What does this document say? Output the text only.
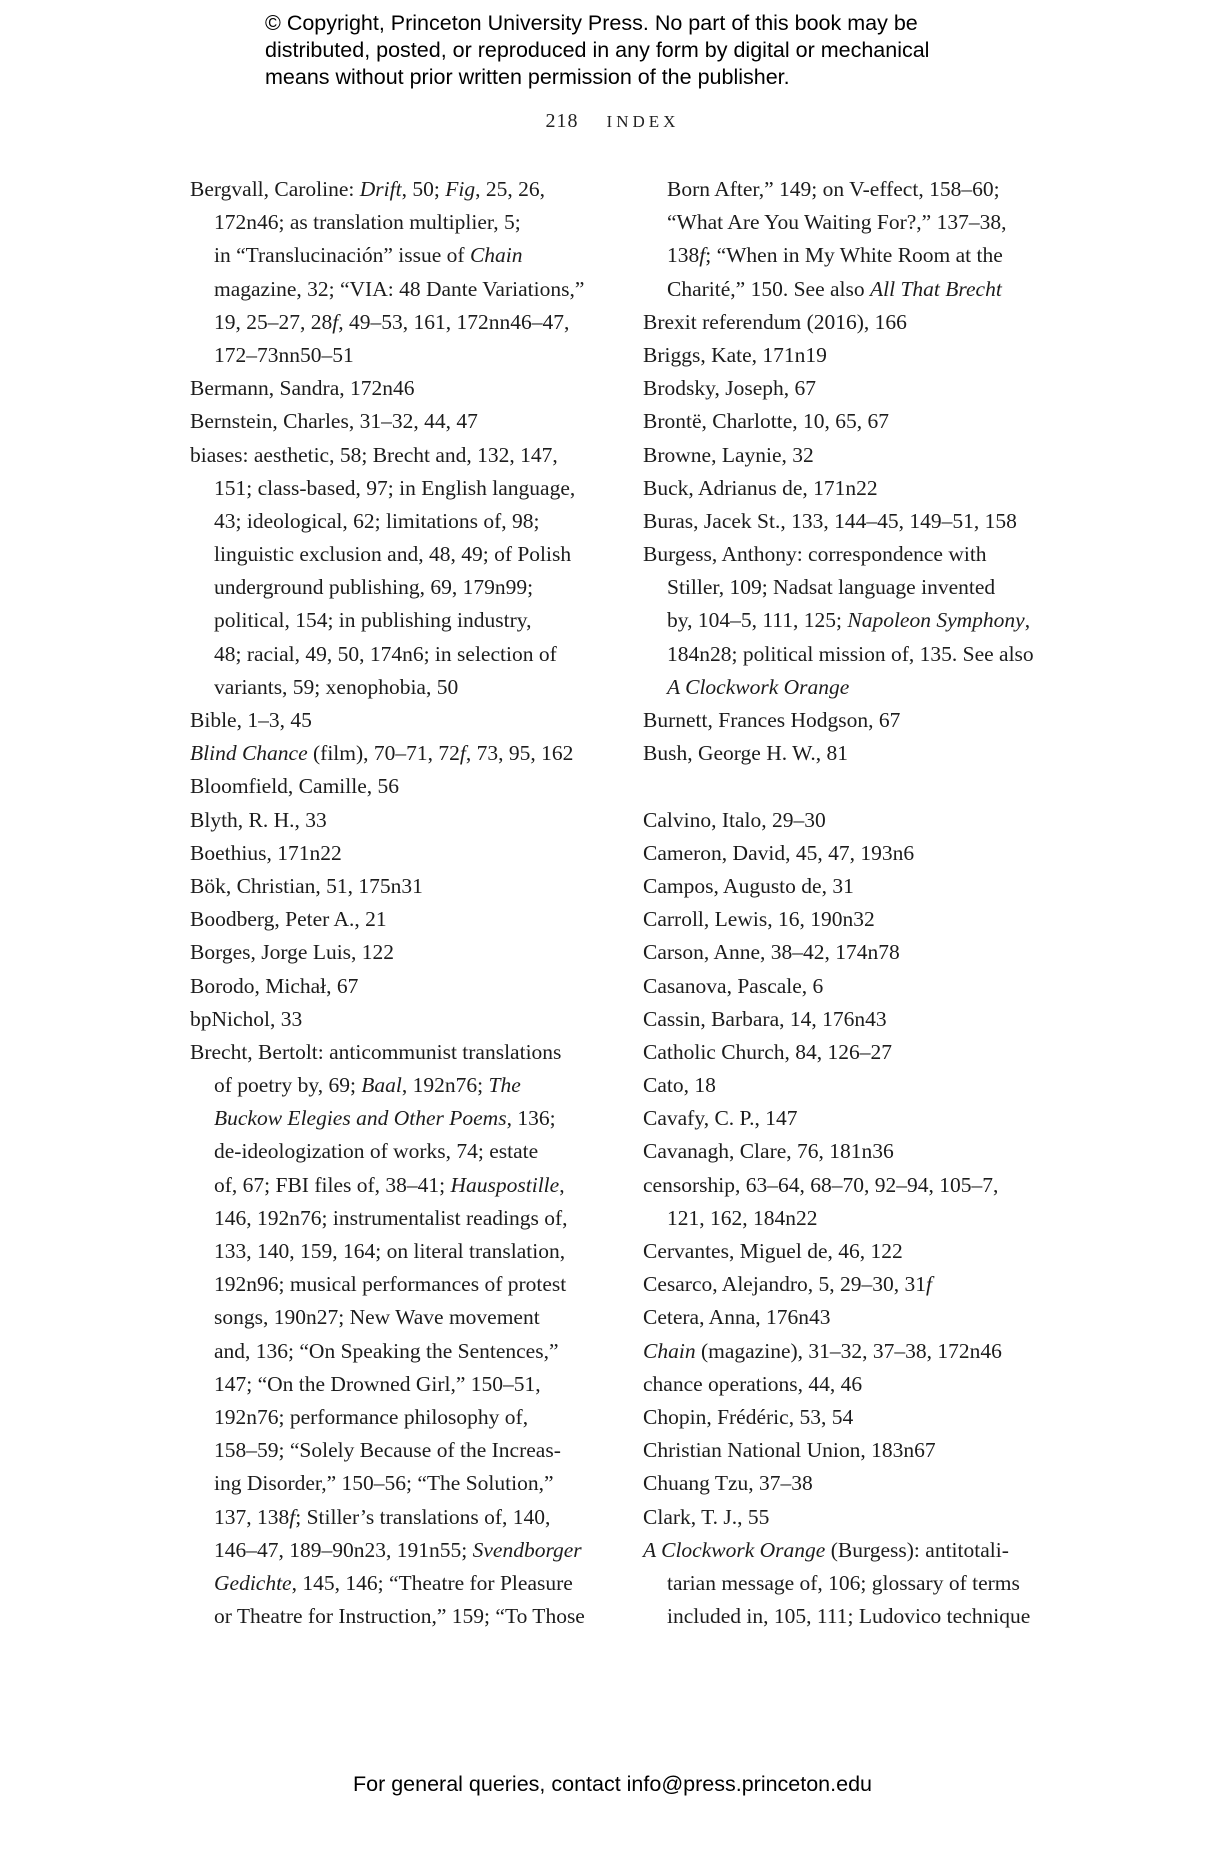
© Copyright, Princeton University Press. No part of this book may be
distributed, posted, or reproduced in any form by digital or mechanical
means without prior written permission of the publisher.
218 INDEX
Bergvall, Caroline: Drift, 50; Fig, 25, 26,
172n46; as translation multiplier, 5;
in “Translucinación” issue of Chain
magazine, 32; “VIA: 48 Dante Variations,”
19, 25–27, 28f, 49–53, 161, 172nn46–47,
172–73nn50–51
Bermann, Sandra, 172n46
Bernstein, Charles, 31–32, 44, 47
biases: aesthetic, 58; Brecht and, 132, 147,
151; class-based, 97; in English language,
43; ideological, 62; limitations of, 98;
linguistic exclusion and, 48, 49; of Polish
underground publishing, 69, 179n99;
political, 154; in publishing industry,
48; racial, 49, 50, 174n6; in selection of
variants, 59; xenophobia, 50
Bible, 1–3, 45
Blind Chance (film), 70–71, 72f, 73, 95, 162
Bloomfield, Camille, 56
Blyth, R. H., 33
Boethius, 171n22
Bök, Christian, 51, 175n31
Boodberg, Peter A., 21
Borges, Jorge Luis, 122
Borodo, Michał, 67
bpNichol, 33
Brecht, Bertolt: anticommunist translations
of poetry by, 69; Baal, 192n76; The
Buckow Elegies and Other Poems, 136;
de-ideologization of works, 74; estate
of, 67; FBI files of, 38–41; Hauspostille,
146, 192n76; instrumentalist readings of,
133, 140, 159, 164; on literal translation,
192n96; musical performances of protest
songs, 190n27; New Wave movement
and, 136; “On Speaking the Sentences,”
147; “On the Drowned Girl,” 150–51,
192n76; performance philosophy of,
158–59; “Solely Because of the Increas-
ing Disorder,” 150–56; “The Solution,”
137, 138f; Stiller’s translations of, 140,
146–47, 189–90n23, 191n55; Svendborger
Gedichte, 145, 146; “Theatre for Pleasure
or Theatre for Instruction,” 159; “To Those
Born After,” 149; on V-effect, 158–60;
“What Are You Waiting For?,” 137–38,
138f; “When in My White Room at the
Charité,” 150. See also All That Brecht
Brexit referendum (2016), 166
Briggs, Kate, 171n19
Brodsky, Joseph, 67
Brontë, Charlotte, 10, 65, 67
Browne, Laynie, 32
Buck, Adrianus de, 171n22
Buras, Jacek St., 133, 144–45, 149–51, 158
Burgess, Anthony: correspondence with
Stiller, 109; Nadsat language invented
by, 104–5, 111, 125; Napoleon Symphony,
184n28; political mission of, 135. See also
A Clockwork Orange
Burnett, Frances Hodgson, 67
Bush, George H. W., 81
Calvino, Italo, 29–30
Cameron, David, 45, 47, 193n6
Campos, Augusto de, 31
Carroll, Lewis, 16, 190n32
Carson, Anne, 38–42, 174n78
Casanova, Pascale, 6
Cassin, Barbara, 14, 176n43
Catholic Church, 84, 126–27
Cato, 18
Cavafy, C. P., 147
Cavanagh, Clare, 76, 181n36
censorship, 63–64, 68–70, 92–94, 105–7,
121, 162, 184n22
Cervantes, Miguel de, 46, 122
Cesarco, Alejandro, 5, 29–30, 31f
Cetera, Anna, 176n43
Chain (magazine), 31–32, 37–38, 172n46
chance operations, 44, 46
Chopin, Frédéric, 53, 54
Christian National Union, 183n67
Chuang Tzu, 37–38
Clark, T. J., 55
A Clockwork Orange (Burgess): antitotali-
tarian message of, 106; glossary of terms
included in, 105, 111; Ludovico technique
For general queries, contact info@press.princeton.edu
